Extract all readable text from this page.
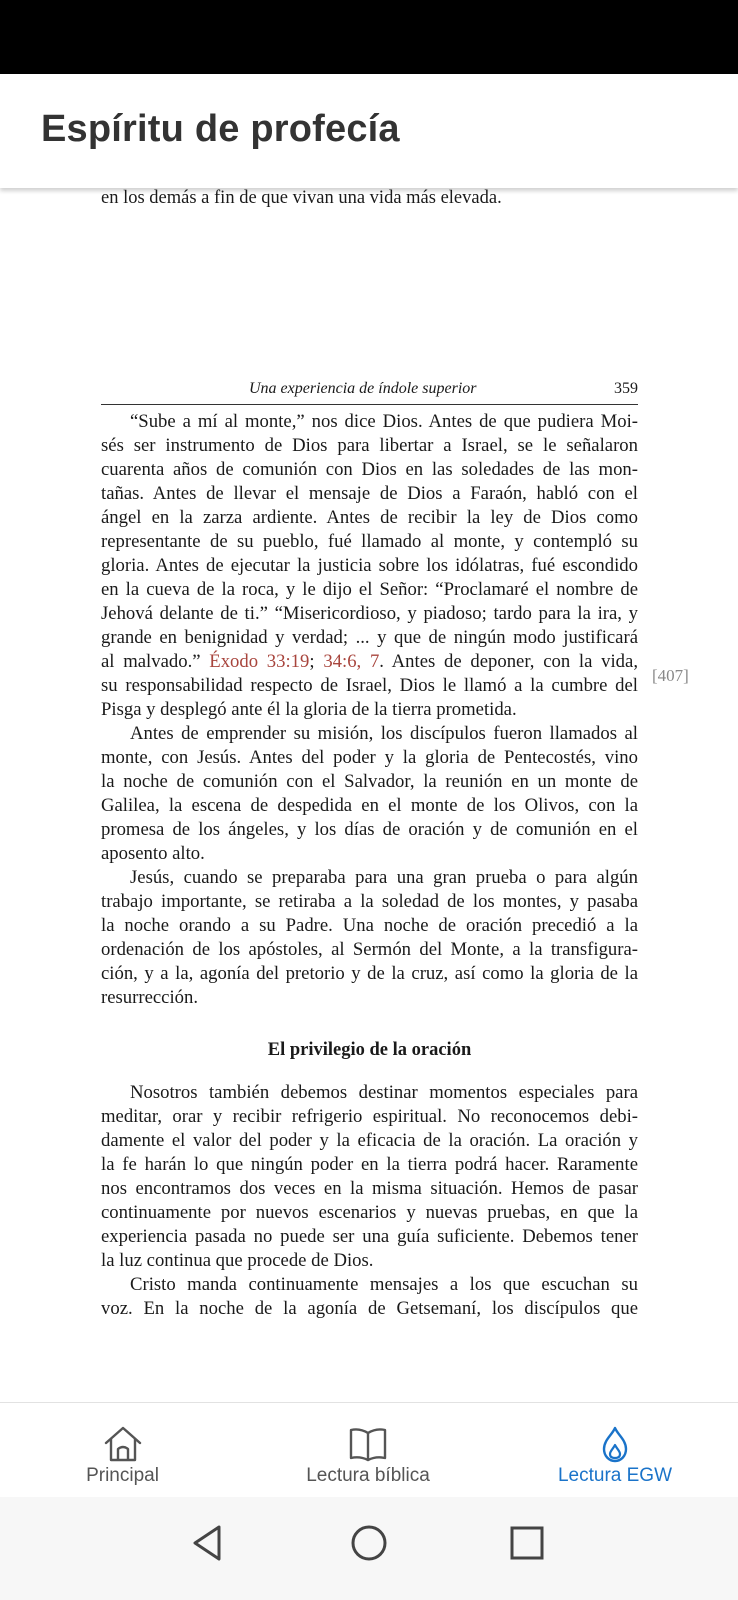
Espíritu de profecía
en los demás a fin de que vivan una vida más elevada.
Una experiencia de índole superior	359
“Sube a mí al monte,” nos dice Dios. Antes de que pudiera Moi-
sés ser instrumento de Dios para libertar a Israel, se le señalaron
cuarenta años de comunión con Dios en las soledades de las mon-
tañas. Antes de llevar el mensaje de Dios a Faraón, habló con el
ángel en la zarza ardiente. Antes de recibir la ley de Dios como
representante de su pueblo, fué llamado al monte, y contempló su
gloria. Antes de ejecutar la justicia sobre los idólatras, fué escondido
en la cueva de la roca, y le dijo el Señor: “Proclamaré el nombre de
Jehová delante de ti.” “Misericordioso, y piadoso; tardo para la ira, y
grande en benignidad y verdad; ... y que de ningún modo justificará
al malvado.” Éxodo 33:19; 34:6, 7. Antes de deponer, con la vida,
su responsabilidad respecto de Israel, Dios le llamó a la cumbre del
Pisga y desplegó ante él la gloria de la tierra prometida.
Antes de emprender su misión, los discípulos fueron llamados al
monte, con Jesús. Antes del poder y la gloria de Pentecostés, vino
la noche de comunión con el Salvador, la reunión en un monte de
Galilea, la escena de despedida en el monte de los Olivos, con la
promesa de los ángeles, y los días de oración y de comunión en el
aposento alto.
Jesús, cuando se preparaba para una gran prueba o para algún
trabajo importante, se retiraba a la soledad de los montes, y pasaba
la noche orando a su Padre. Una noche de oración precedió a la
ordenación de los apóstoles, al Sermón del Monte, a la transfigura-
ción, y a la, agonía del pretorio y de la cruz, así como la gloria de la
resurrección.
[407]
El privilegio de la oración
Nosotros también debemos destinar momentos especiales para
meditar, orar y recibir refrigerio espiritual. No reconocemos debi-
damente el valor del poder y la eficacia de la oración. La oración y
la fe harán lo que ningún poder en la tierra podrá hacer. Raramente
nos encontramos dos veces en la misma situación. Hemos de pasar
continuamente por nuevos escenarios y nuevas pruebas, en que la
experiencia pasada no puede ser una guía suficiente. Debemos tener
la luz continua que procede de Dios.
Cristo manda continuamente mensajes a los que escuchan su
voz. En la noche de la agonía de Getsemaní, los discípulos que
Principal	Lectura bíblica	Lectura EGW
